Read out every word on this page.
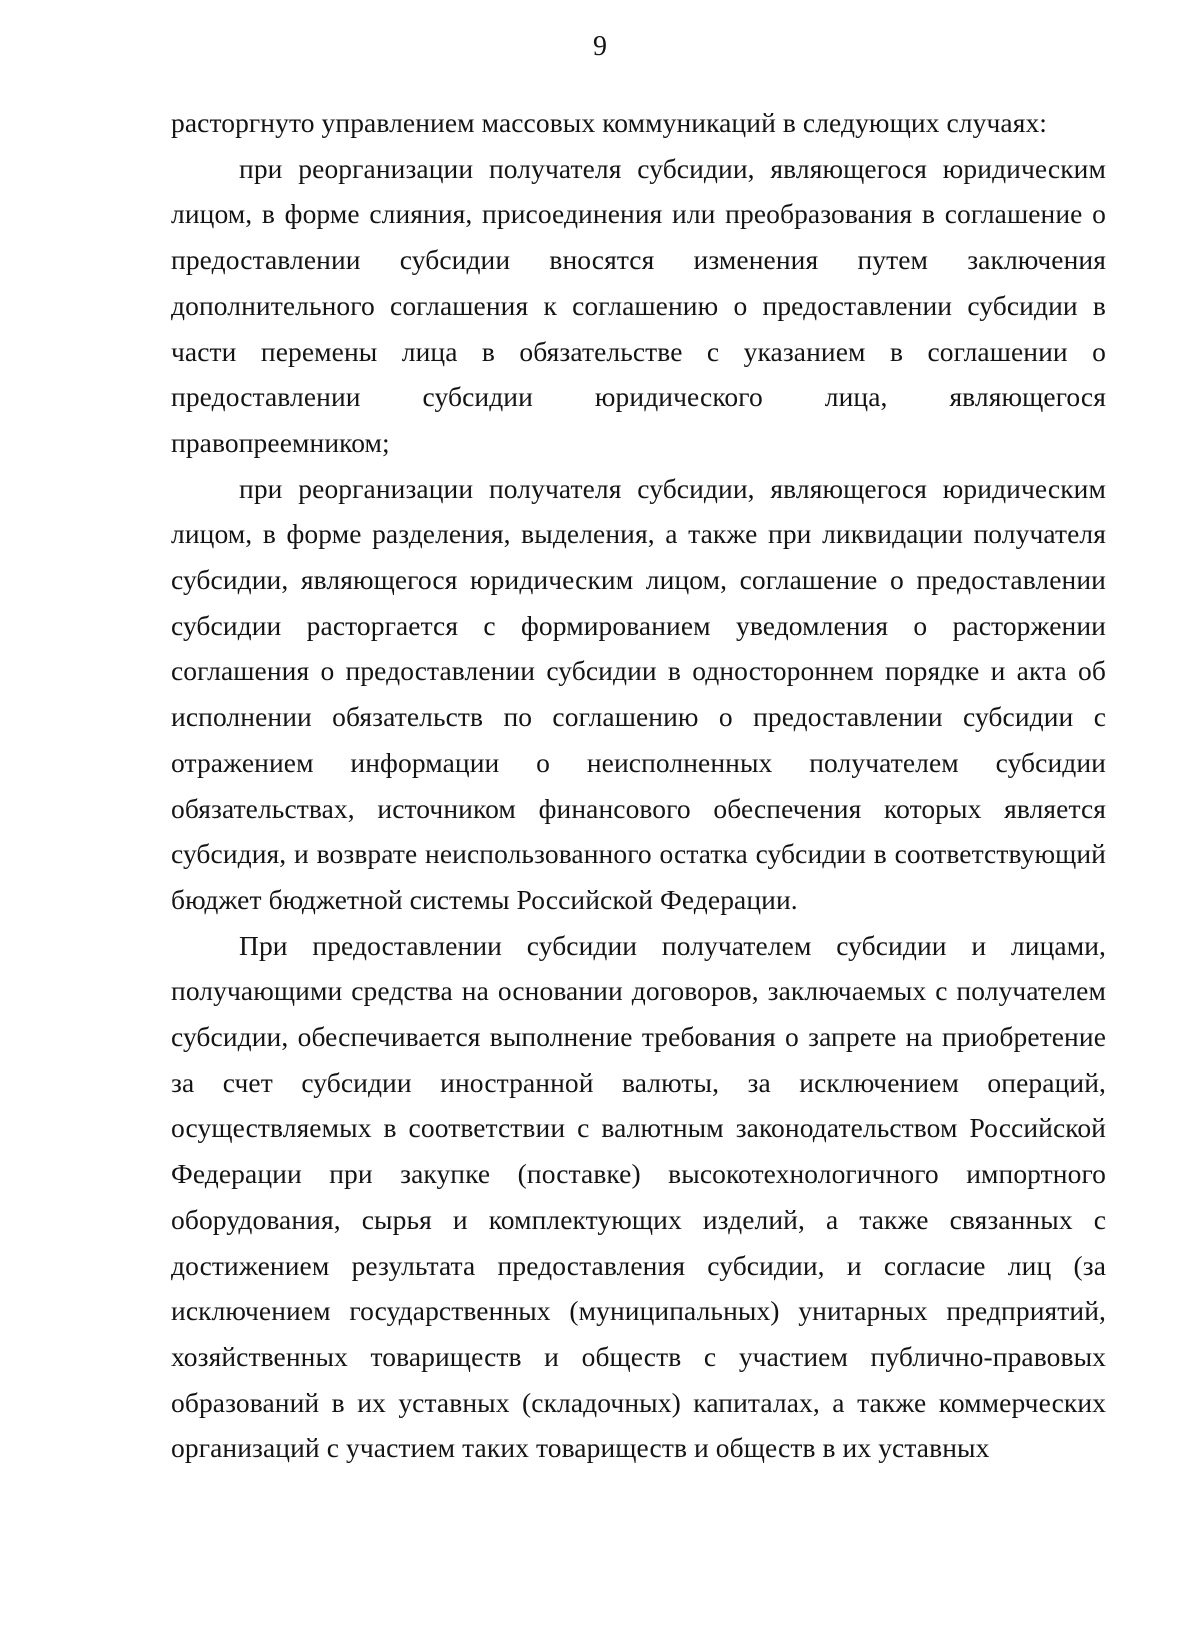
9

расторгнуто управлением массовых коммуникаций в следующих случаях:

при реорганизации получателя субсидии, являющегося юридическим лицом, в форме слияния, присоединения или преобразования в соглашение о предоставлении субсидии вносятся изменения путем заключения дополнительного соглашения к соглашению о предоставлении субсидии в части перемены лица в обязательстве с указанием в соглашении о предоставлении субсидии юридического лица, являющегося правопреемником;

при реорганизации получателя субсидии, являющегося юридическим лицом, в форме разделения, выделения, а также при ликвидации получателя субсидии, являющегося юридическим лицом, соглашение о предоставлении субсидии расторгается с формированием уведомления о расторжении соглашения о предоставлении субсидии в одностороннем порядке и акта об исполнении обязательств по соглашению о предоставлении субсидии с отражением информации о неисполненных получателем субсидии обязательствах, источником финансового обеспечения которых является субсидия, и возврате неиспользованного остатка субсидии в соответствующий бюджет бюджетной системы Российской Федерации.

При предоставлении субсидии получателем субсидии и лицами, получающими средства на основании договоров, заключаемых с получателем субсидии, обеспечивается выполнение требования о запрете на приобретение за счет субсидии иностранной валюты, за исключением операций, осуществляемых в соответствии с валютным законодательством Российской Федерации при закупке (поставке) высокотехнологичного импортного оборудования, сырья и комплектующих изделий, а также связанных с достижением результата предоставления субсидии, и согласие лиц (за исключением государственных (муниципальных) унитарных предприятий, хозяйственных товариществ и обществ с участием публично-правовых образований в их уставных (складочных) капиталах, а также коммерческих организаций с участием таких товариществ и обществ в их уставных
